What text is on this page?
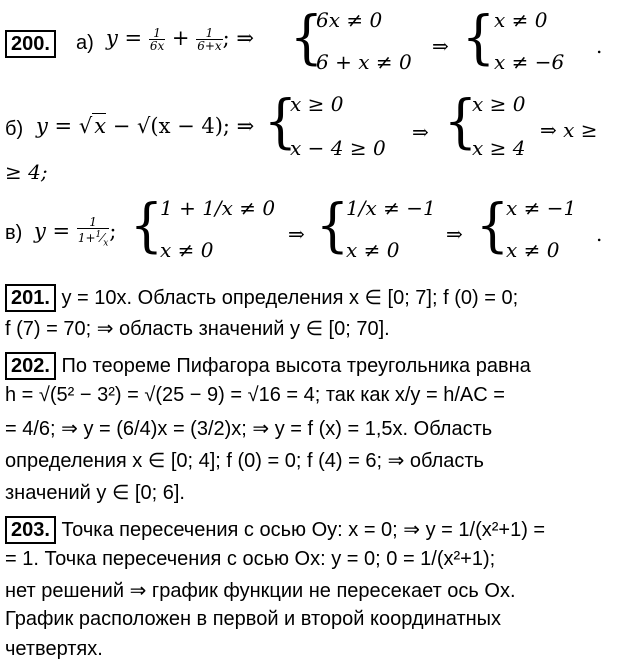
200.	а) $y = \frac{1}{6x} + \frac{1}{6+x}$ ; ⇒ {
6x ≠ 0
6 + x ≠ 0
⇒ {
x ≠ 0
x ≠ −6
.
б) y = √x − √(x − 4); ⇒ {
x ≥ 0
x − 4 ≥ 0
⇒ {
x ≥ 0
x ≥ 4
⇒ x ≥
≥ 4;
в) $y = \frac{1}{1+^1⁄_x}$ ; {
1 + 1/x ≠ 0
x ≠ 0
⇒ {
1/x ≠ −1
x ≠ 0
⇒ {
x ≠ −1
x ≠ 0
.
201. y = 10x. Область определения x ∈ [0; 7]; f (0) = 0;
f (7) = 70; ⇒ область значений y ∈ [0; 70].
202. По теореме Пифагора высота треугольника равна
h = √(5² − 3²) = √(25 − 9) = √16 = 4; так как x/y = h/AC =
= 4/6; ⇒ y = (6/4)x = (3/2)x; ⇒ y = f (x) = 1,5x. Область
определения x ∈ [0; 4]; f (0) = 0; f (4) = 6; ⇒ область
значений y ∈ [0; 6].
203. Точка пересечения с осью Oy: x = 0; ⇒ y = 1/(x²+1) =
= 1. Точка пересечения с осью Ox: y = 0; 0 = 1/(x²+1);
нет решений ⇒ график функции не пересекает ось Ox.
График расположен в первой и второй координатных
четвертях.
